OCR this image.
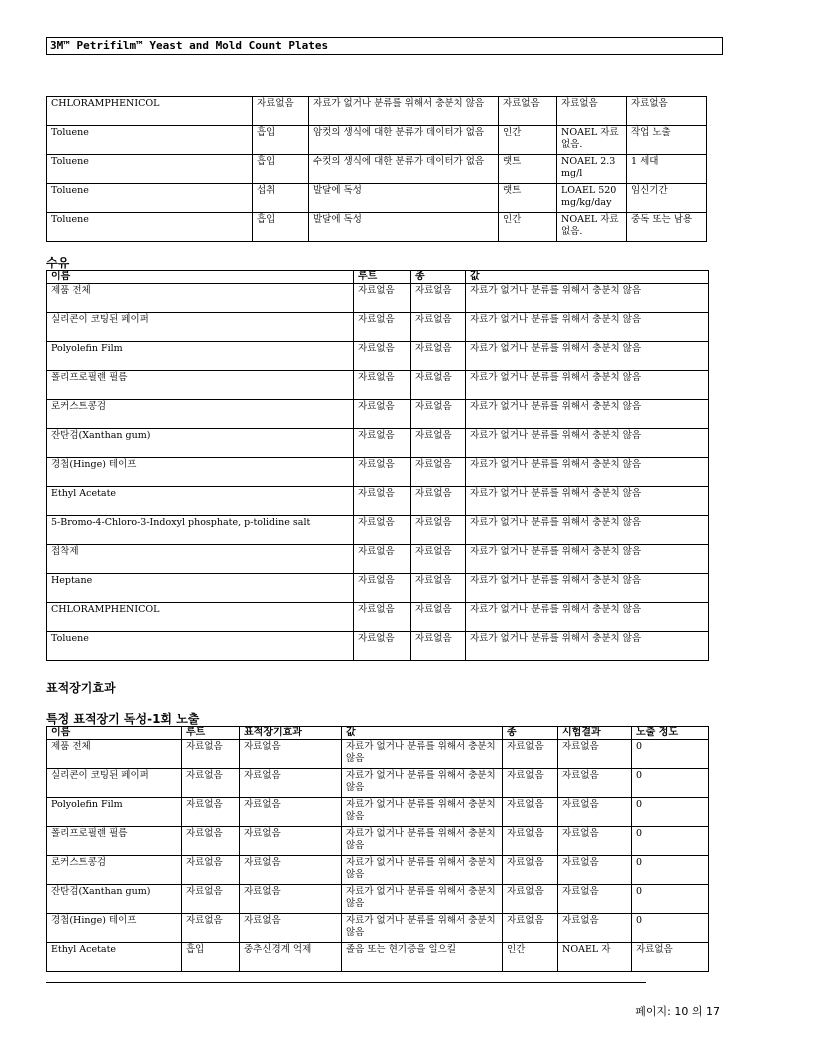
3M™ Petrifilm™ Yeast and Mold Count Plates
CHLORAMPHENICOL	자료없음	자료가 없거나 분류를 위해서 충분치 않음	자료없음	자료없음	자료없음
Toluene	흡입	암컷의 생식에 대한 분류가 데이터가 없음	인간	NOAEL 자료 없음.	작업 노출
Toluene	흡입	수컷의 생식에 대한 분류가 데이터가 없음	랫트	NOAEL 2.3 mg/l	1 세대
Toluene	섭취	발달에 독성	랫트	LOAEL 520 mg/kg/day	임신기간
Toluene	흡입	발달에 독성	인간	NOAEL 자료 없음.	중독 또는 남용
수유
이름	루트	종	값
제품 전체	자료없음	자료없음	자료가 없거나 분류를 위해서 충분치 않음
실리콘이 코팅된 페이퍼	자료없음	자료없음	자료가 없거나 분류를 위해서 충분치 않음
Polyolefin Film	자료없음	자료없음	자료가 없거나 분류를 위해서 충분치 않음
폴리프로필렌 필름	자료없음	자료없음	자료가 없거나 분류를 위해서 충분치 않음
로커스트콩검	자료없음	자료없음	자료가 없거나 분류를 위해서 충분치 않음
잔탄검(Xanthan gum)	자료없음	자료없음	자료가 없거나 분류를 위해서 충분치 않음
경첩(Hinge) 테이프	자료없음	자료없음	자료가 없거나 분류를 위해서 충분치 않음
Ethyl Acetate	자료없음	자료없음	자료가 없거나 분류를 위해서 충분치 않음
5-Bromo-4-Chloro-3-Indoxyl phosphate, p-tolidine salt	자료없음	자료없음	자료가 없거나 분류를 위해서 충분치 않음
접착제	자료없음	자료없음	자료가 없거나 분류를 위해서 충분치 않음
Heptane	자료없음	자료없음	자료가 없거나 분류를 위해서 충분치 않음
CHLORAMPHENICOL	자료없음	자료없음	자료가 없거나 분류를 위해서 충분치 않음
Toluene	자료없음	자료없음	자료가 없거나 분류를 위해서 충분치 않음
표적장기효과
특정 표적장기 독성-1회 노출
이름	루트	표적장기효과	값	종	시험결과	노출 정도
제품 전체	자료없음	자료없음	자료가 없거나 분류를 위해서 충분치 않음	자료없음	자료없음	0
실리콘이 코팅된 페이퍼	자료없음	자료없음	자료가 없거나 분류를 위해서 충분치 않음	자료없음	자료없음	0
Polyolefin Film	자료없음	자료없음	자료가 없거나 분류를 위해서 충분치 않음	자료없음	자료없음	0
폴리프로필렌 필름	자료없음	자료없음	자료가 없거나 분류를 위해서 충분치 않음	자료없음	자료없음	0
로커스트콩검	자료없음	자료없음	자료가 없거나 분류를 위해서 충분치 않음	자료없음	자료없음	0
잔탄검(Xanthan gum)	자료없음	자료없음	자료가 없거나 분류를 위해서 충분치 않음	자료없음	자료없음	0
경첩(Hinge) 테이프	자료없음	자료없음	자료가 없거나 분류를 위해서 충분치 않음	자료없음	자료없음	0
Ethyl Acetate	흡입	중추신경계 억제	졸음 또는 현기증을 일으킬	인간	NOAEL 자	자료없음
페이지: 10 의 17
